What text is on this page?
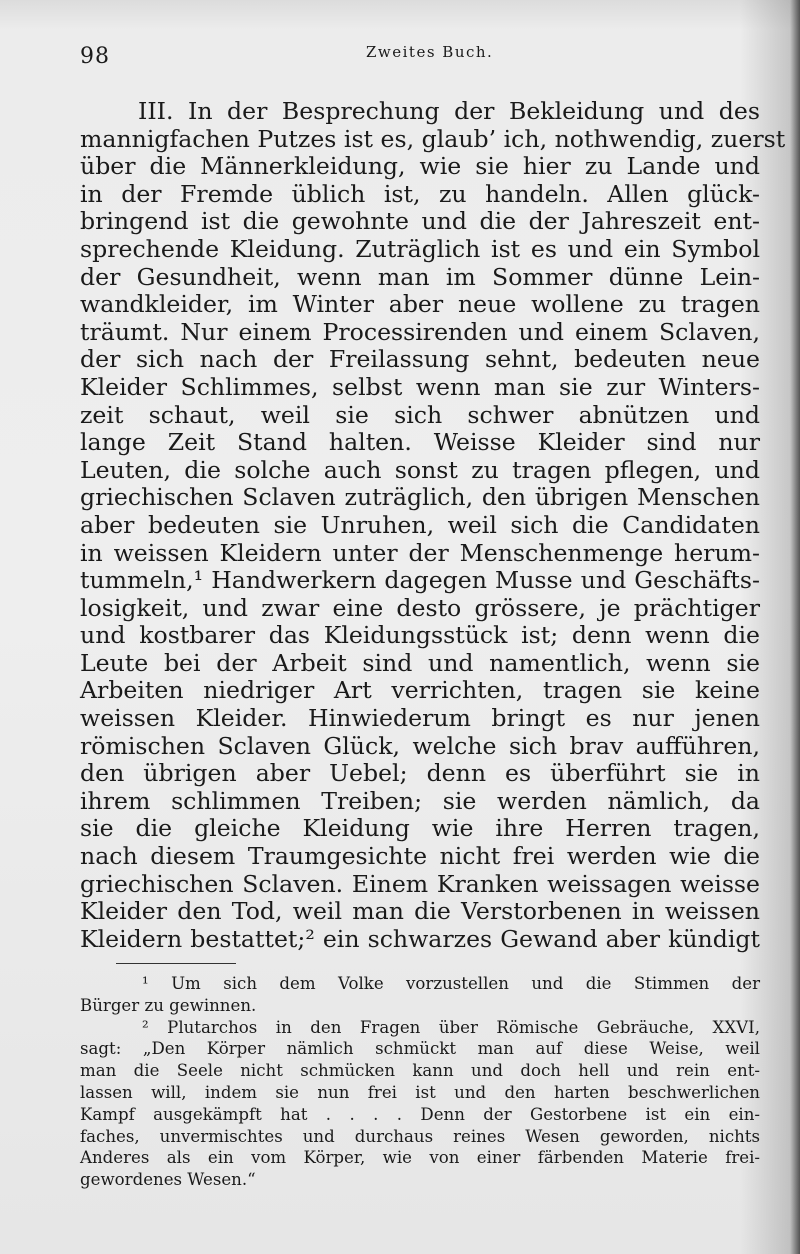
98	Zweites Buch.
III. In der Besprechung der Bekleidung und des
mannigfachen Putzes ist es, glaub’ ich, nothwendig, zuerst
über die Männerkleidung, wie sie hier zu Lande und
in der Fremde üblich ist, zu handeln. Allen glück-
bringend ist die gewohnte und die der Jahreszeit ent-
sprechende Kleidung. Zuträglich ist es und ein Symbol
der Gesundheit, wenn man im Sommer dünne Lein-
wandkleider, im Winter aber neue wollene zu tragen
träumt. Nur einem Processirenden und einem Sclaven,
der sich nach der Freilassung sehnt, bedeuten neue
Kleider Schlimmes, selbst wenn man sie zur Winters-
zeit schaut, weil sie sich schwer abnützen und
lange Zeit Stand halten. Weisse Kleider sind nur
Leuten, die solche auch sonst zu tragen pflegen, und
griechischen Sclaven zuträglich, den übrigen Menschen
aber bedeuten sie Unruhen, weil sich die Candidaten
in weissen Kleidern unter der Menschenmenge herum-
tummeln,¹ Handwerkern dagegen Musse und Geschäfts-
losigkeit, und zwar eine desto grössere, je prächtiger
und kostbarer das Kleidungsstück ist; denn wenn die
Leute bei der Arbeit sind und namentlich, wenn sie
Arbeiten niedriger Art verrichten, tragen sie keine
weissen Kleider. Hinwiederum bringt es nur jenen
römischen Sclaven Glück, welche sich brav aufführen,
den übrigen aber Uebel; denn es überführt sie in
ihrem schlimmen Treiben; sie werden nämlich, da
sie die gleiche Kleidung wie ihre Herren tragen,
nach diesem Traumgesichte nicht frei werden wie die
griechischen Sclaven. Einem Kranken weissagen weisse
Kleider den Tod, weil man die Verstorbenen in weissen
Kleidern bestattet;² ein schwarzes Gewand aber kündigt
¹ Um sich dem Volke vorzustellen und die Stimmen der
Bürger zu gewinnen.
² Plutarchos in den Fragen über Römische Gebräuche, XXVI,
sagt: „Den Körper nämlich schmückt man auf diese Weise, weil
man die Seele nicht schmücken kann und doch hell und rein ent-
lassen will, indem sie nun frei ist und den harten beschwerlichen
Kampf ausgekämpft hat . . . . Denn der Gestorbene ist ein ein-
faches, unvermischtes und durchaus reines Wesen geworden, nichts
Anderes als ein vom Körper, wie von einer färbenden Materie frei-
gewordenes Wesen.“
